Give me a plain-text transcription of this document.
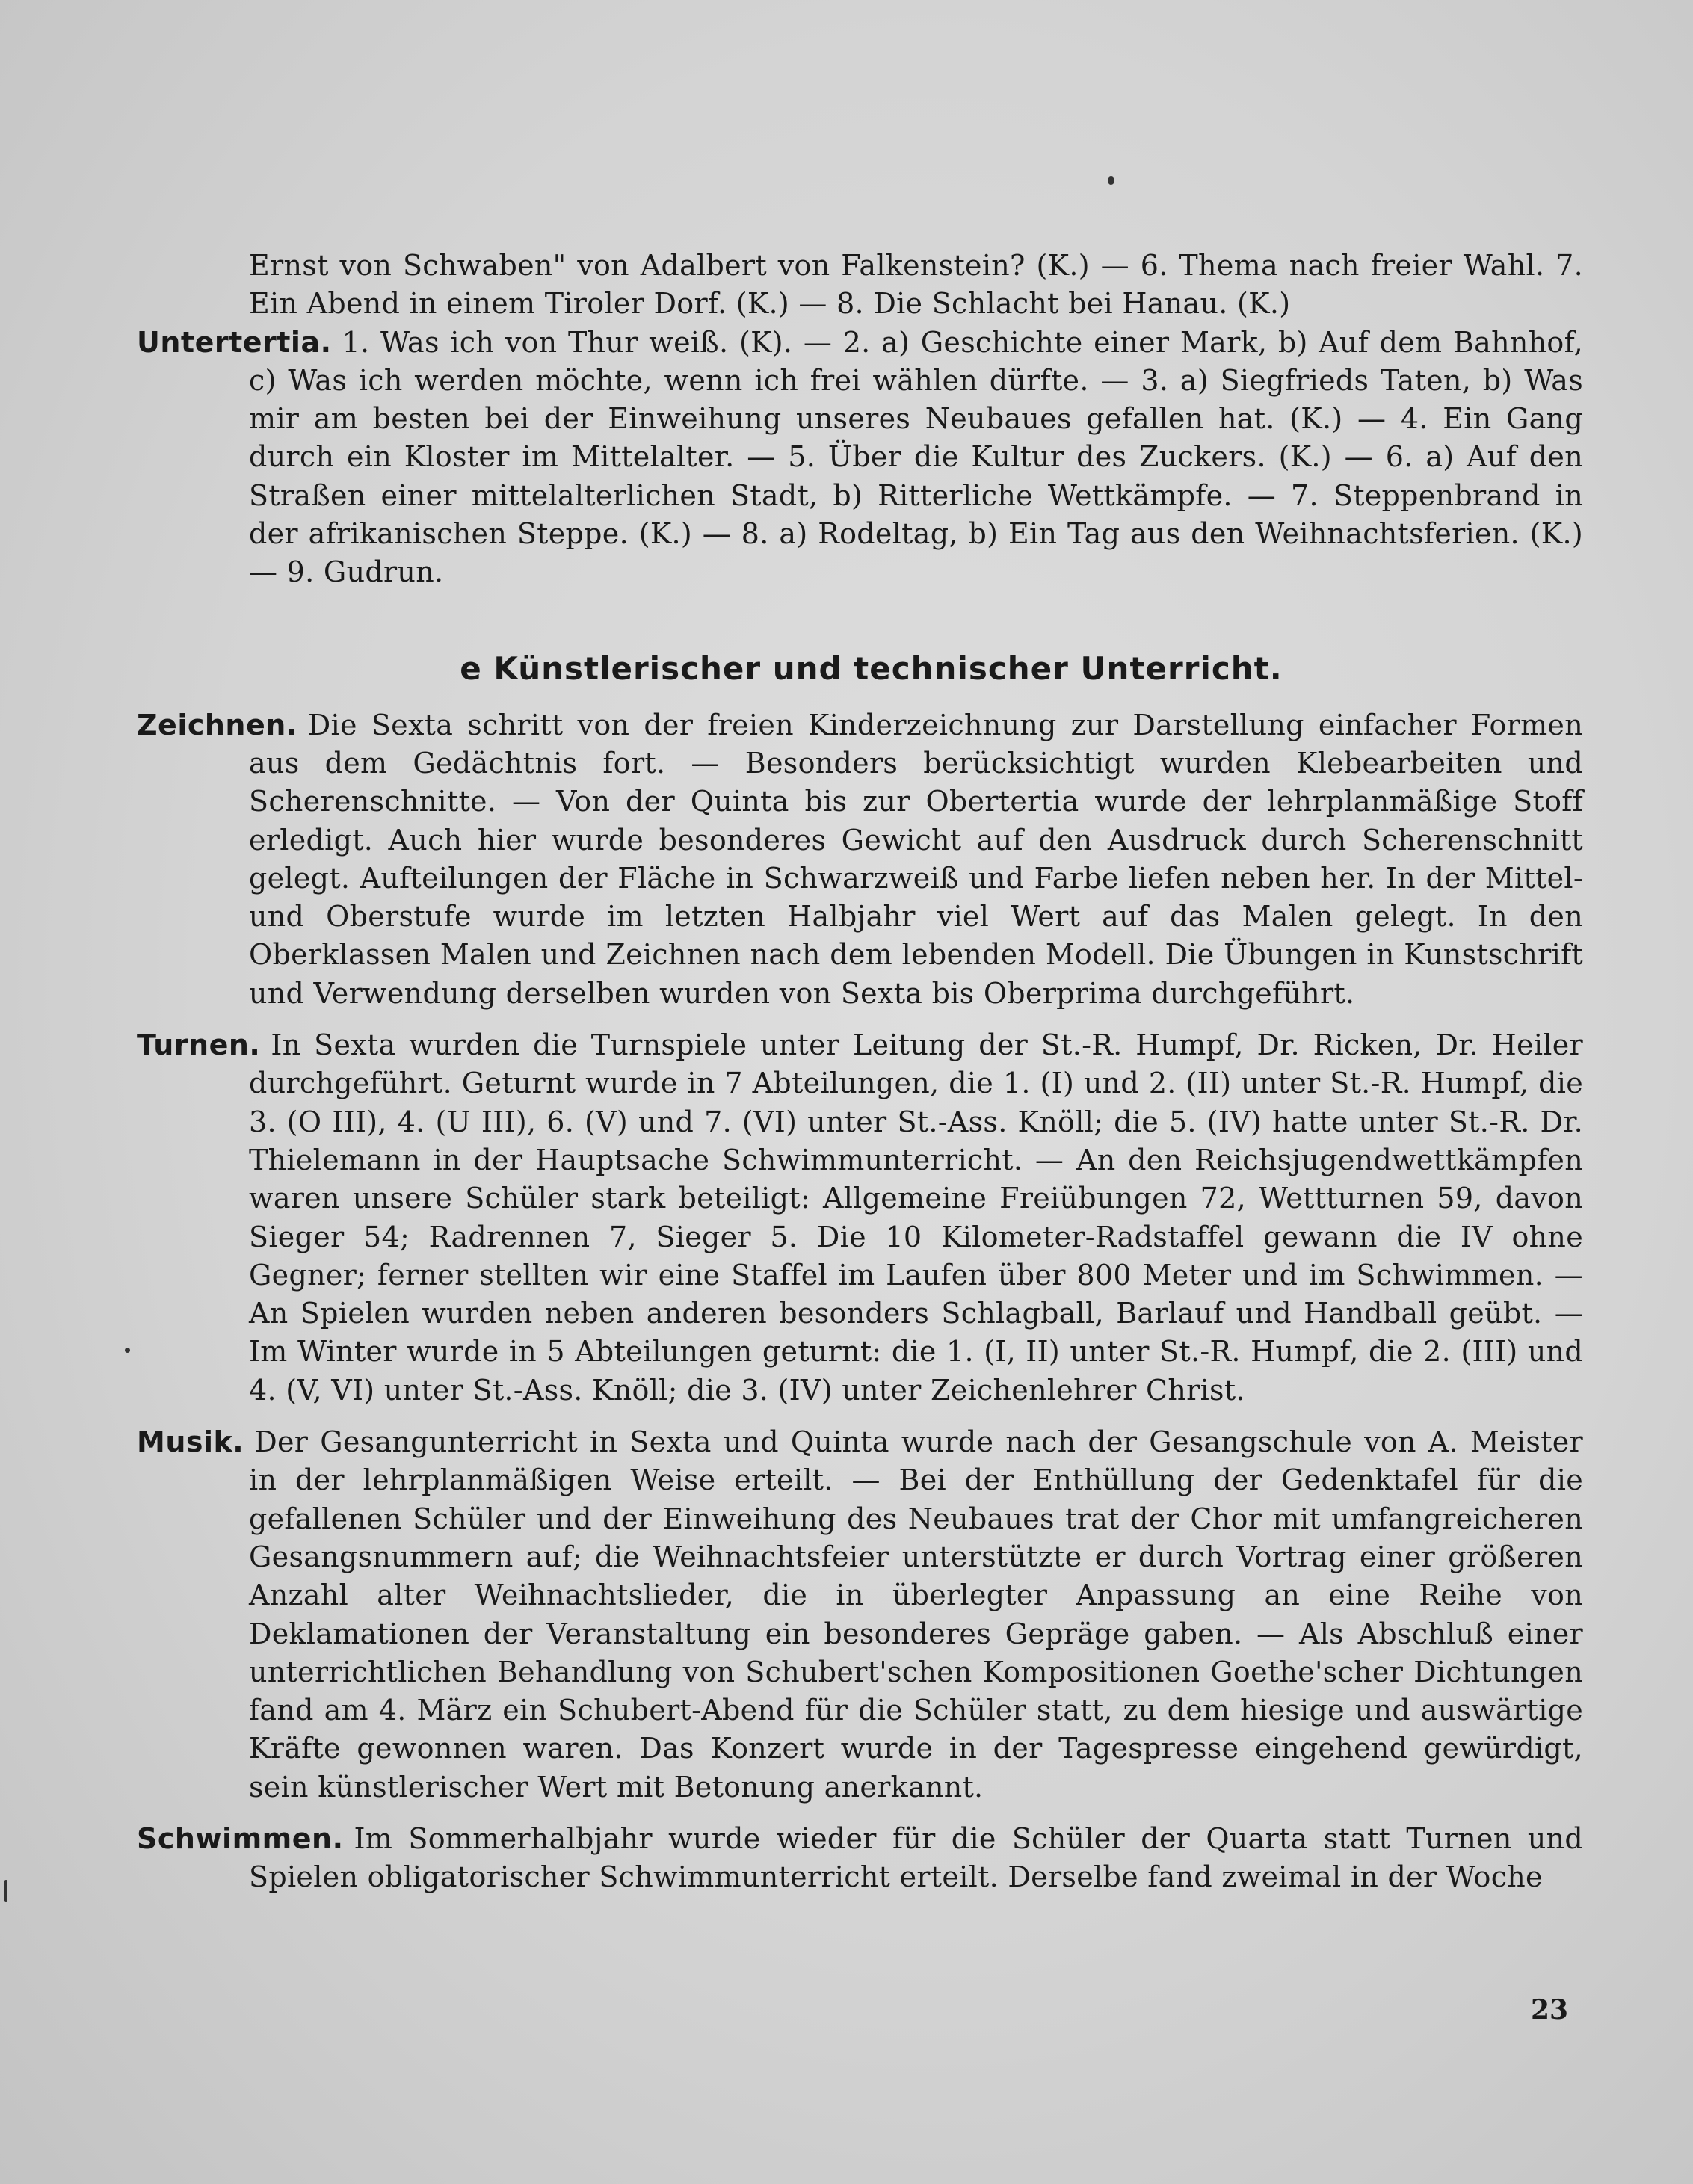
Ernst von Schwaben" von Adalbert von Falkenstein? (K.) — 6. Thema nach freier Wahl. 7. Ein Abend in einem Tiroler Dorf. (K.) — 8. Die Schlacht bei Hanau. (K.)

Untertertia. 1. Was ich von Thur weiß. (K). — 2. a) Geschichte einer Mark, b) Auf dem Bahnhof, c) Was ich werden möchte, wenn ich frei wählen dürfte. — 3. a) Siegfrieds Taten, b) Was mir am besten bei der Einweihung unseres Neubaues gefallen hat. (K.) — 4. Ein Gang durch ein Kloster im Mittelalter. — 5. Über die Kultur des Zuckers. (K.) — 6. a) Auf den Straßen einer mittelalterlichen Stadt, b) Ritterliche Wettkämpfe. — 7. Steppenbrand in der afrikanischen Steppe. (K.) — 8. a) Rodeltag, b) Ein Tag aus den Weihnachtsferien. (K.) — 9. Gudrun.

e Künstlerischer und technischer Unterricht.

Zeichnen. Die Sexta schritt von der freien Kinderzeichnung zur Darstellung einfacher Formen aus dem Gedächtnis fort. — Besonders berücksichtigt wurden Klebearbeiten und Scherenschnitte. — Von der Quinta bis zur Obertertia wurde der lehrplanmäßige Stoff erledigt. Auch hier wurde besonderes Gewicht auf den Ausdruck durch Scherenschnitt gelegt. Aufteilungen der Fläche in Schwarzweiß und Farbe liefen neben her. In der Mittel- und Oberstufe wurde im letzten Halbjahr viel Wert auf das Malen gelegt. In den Oberklassen Malen und Zeichnen nach dem lebenden Modell. Die Übungen in Kunstschrift und Verwendung derselben wurden von Sexta bis Oberprima durchgeführt.

Turnen. In Sexta wurden die Turnspiele unter Leitung der St.-R. Humpf, Dr. Ricken, Dr. Heiler durchgeführt. Geturnt wurde in 7 Abteilungen, die 1. (I) und 2. (II) unter St.-R. Humpf, die 3. (O III), 4. (U III), 6. (V) und 7. (VI) unter St.-Ass. Knöll; die 5. (IV) hatte unter St.-R. Dr. Thielemann in der Hauptsache Schwimmunterricht. — An den Reichsjugendwettkämpfen waren unsere Schüler stark beteiligt: Allgemeine Freiübungen 72, Wettturnen 59, davon Sieger 54; Radrennen 7, Sieger 5. Die 10 Kilometer-Radstaffel gewann die IV ohne Gegner; ferner stellten wir eine Staffel im Laufen über 800 Meter und im Schwimmen. — An Spielen wurden neben anderen besonders Schlagball, Barlauf und Handball geübt. — Im Winter wurde in 5 Abteilungen geturnt: die 1. (I, II) unter St.-R. Humpf, die 2. (III) und 4. (V, VI) unter St.-Ass. Knöll; die 3. (IV) unter Zeichenlehrer Christ.

Musik. Der Gesangunterricht in Sexta und Quinta wurde nach der Gesangschule von A. Meister in der lehrplanmäßigen Weise erteilt. — Bei der Enthüllung der Gedenktafel für die gefallenen Schüler und der Einweihung des Neubaues trat der Chor mit umfangreicheren Gesangsnummern auf; die Weihnachtsfeier unterstützte er durch Vortrag einer größeren Anzahl alter Weihnachtslieder, die in überlegter Anpassung an eine Reihe von Deklamationen der Veranstaltung ein besonderes Gepräge gaben. — Als Abschluß einer unterrichtlichen Behandlung von Schubert'schen Kompositionen Goethe'scher Dichtungen fand am 4. März ein Schubert-Abend für die Schüler statt, zu dem hiesige und auswärtige Kräfte gewonnen waren. Das Konzert wurde in der Tagespresse eingehend gewürdigt, sein künstlerischer Wert mit Betonung anerkannt.

Schwimmen. Im Sommerhalbjahr wurde wieder für die Schüler der Quarta statt Turnen und Spielen obligatorischer Schwimmunterricht erteilt. Derselbe fand zweimal in der Woche

23
